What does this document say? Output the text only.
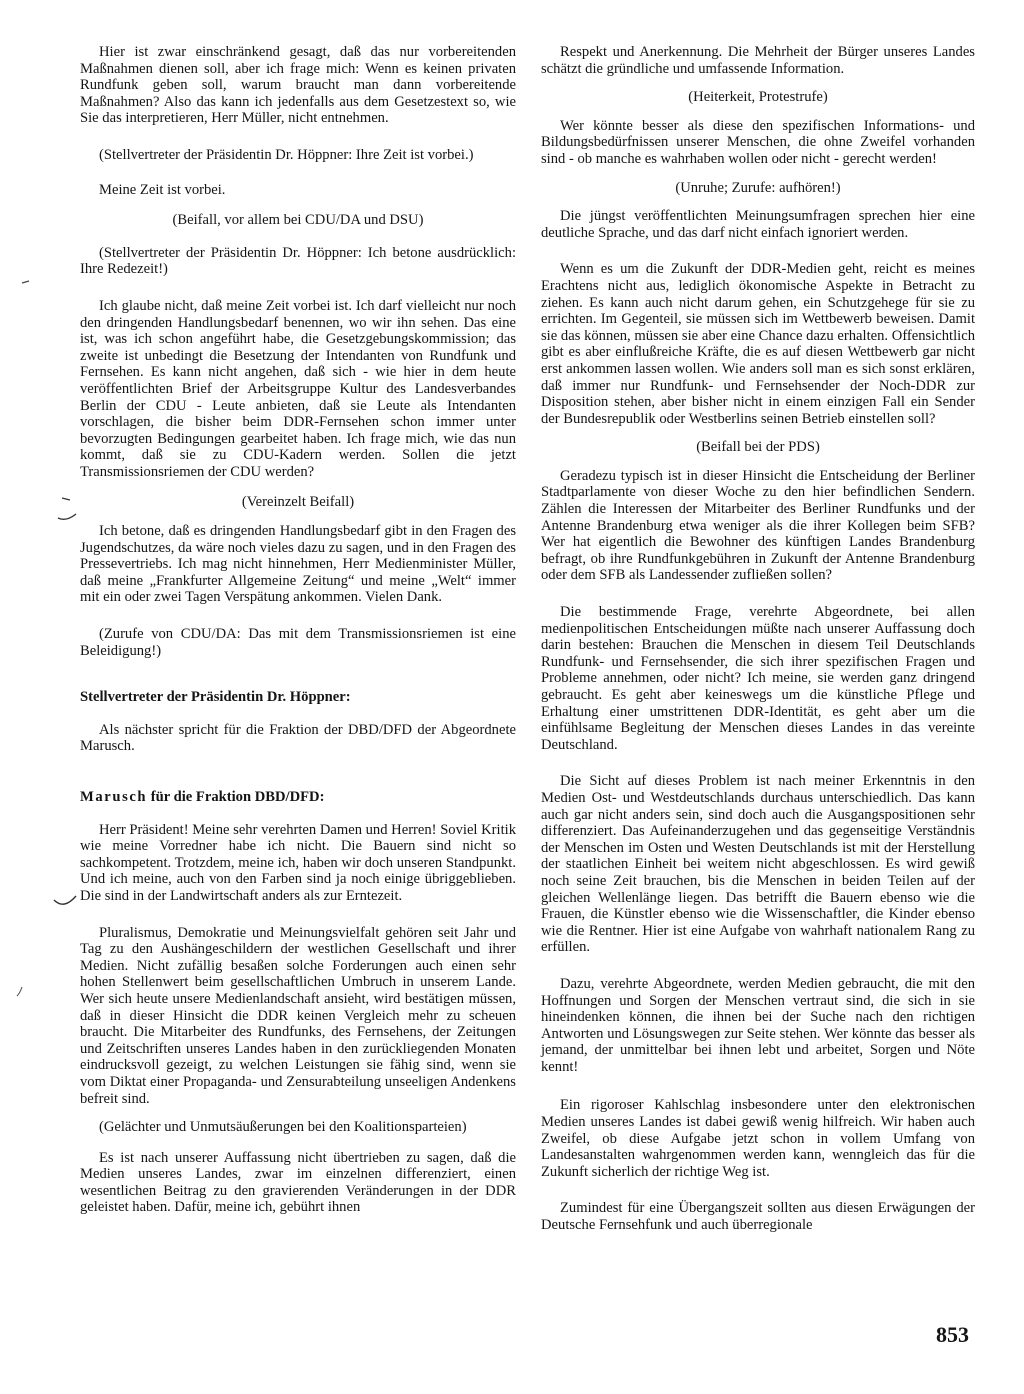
Hier ist zwar einschränkend gesagt, daß das nur vorbereitenden Maßnahmen dienen soll, aber ich frage mich: Wenn es keinen privaten Rundfunk geben soll, warum braucht man dann vorbereitende Maßnahmen? Also das kann ich jedenfalls aus dem Gesetzestext so, wie Sie das interpretieren, Herr Müller, nicht entnehmen.

(Stellvertreter der Präsidentin Dr. Höppner: Ihre Zeit ist vorbei.)

Meine Zeit ist vorbei.

(Beifall, vor allem bei CDU/DA und DSU)

(Stellvertreter der Präsidentin Dr. Höppner: Ich betone ausdrücklich: Ihre Redezeit!)

Ich glaube nicht, daß meine Zeit vorbei ist. Ich darf vielleicht nur noch den dringenden Handlungsbedarf benennen, wo wir ihn sehen. Das eine ist, was ich schon angeführt habe, die Gesetzgebungskommission; das zweite ist unbedingt die Besetzung der Intendanten von Rundfunk und Fernsehen. Es kann nicht angehen, daß sich - wie hier in dem heute veröffentlichten Brief der Arbeitsgruppe Kultur des Landesverbandes Berlin der CDU - Leute anbieten, daß sie Leute als Intendanten vorschlagen, die bisher beim DDR-Fernsehen schon immer unter bevorzugten Bedingungen gearbeitet haben. Ich frage mich, wie das nun kommt, daß sie zu CDU-Kadern werden. Sollen die jetzt Transmissionsriemen der CDU werden?

(Vereinzelt Beifall)

Ich betone, daß es dringenden Handlungsbedarf gibt in den Fragen des Jugendschutzes, da wäre noch vieles dazu zu sagen, und in den Fragen des Pressevertriebs. Ich mag nicht hinnehmen, Herr Medienminister Müller, daß meine „Frankfurter Allgemeine Zeitung“ und meine „Welt“ immer mit ein oder zwei Tagen Verspätung ankommen. Vielen Dank.

(Zurufe von CDU/DA: Das mit dem Transmissionsriemen ist eine Beleidigung!)

Stellvertreter der Präsidentin Dr. Höppner:

Als nächster spricht für die Fraktion der DBD/DFD der Abgeordnete Marusch.

Marusch für die Fraktion DBD/DFD:

Herr Präsident! Meine sehr verehrten Damen und Herren! Soviel Kritik wie meine Vorredner habe ich nicht. Die Bauern sind nicht so sachkompetent. Trotzdem, meine ich, haben wir doch unseren Standpunkt. Und ich meine, auch von den Farben sind ja noch einige übriggeblieben. Die sind in der Landwirtschaft anders als zur Erntezeit.

Pluralismus, Demokratie und Meinungsvielfalt gehören seit Jahr und Tag zu den Aushängeschildern der westlichen Gesellschaft und ihrer Medien. Nicht zufällig besaßen solche Forderungen auch einen sehr hohen Stellenwert beim gesellschaftlichen Umbruch in unserem Lande. Wer sich heute unsere Medienlandschaft ansieht, wird bestätigen müssen, daß in dieser Hinsicht die DDR keinen Vergleich mehr zu scheuen braucht. Die Mitarbeiter des Rundfunks, des Fernsehens, der Zeitungen und Zeitschriften unseres Landes haben in den zurückliegenden Monaten eindrucksvoll gezeigt, zu welchen Leistungen sie fähig sind, wenn sie vom Diktat einer Propaganda- und Zensurabteilung unseeligen Andenkens befreit sind.

(Gelächter und Unmutsäußerungen bei den Koalitionsparteien)

Es ist nach unserer Auffassung nicht übertrieben zu sagen, daß die Medien unseres Landes, zwar im einzelnen differenziert, einen wesentlichen Beitrag zu den gravierenden Veränderungen in der DDR geleistet haben. Dafür, meine ich, gebührt ihnen

Respekt und Anerkennung. Die Mehrheit der Bürger unseres Landes schätzt die gründliche und umfassende Information.

(Heiterkeit, Protestrufe)

Wer könnte besser als diese den spezifischen Informations- und Bildungsbedürfnissen unserer Menschen, die ohne Zweifel vorhanden sind - ob manche es wahrhaben wollen oder nicht - gerecht werden!

(Unruhe; Zurufe: aufhören!)

Die jüngst veröffentlichten Meinungsumfragen sprechen hier eine deutliche Sprache, und das darf nicht einfach ignoriert werden.

Wenn es um die Zukunft der DDR-Medien geht, reicht es meines Erachtens nicht aus, lediglich ökonomische Aspekte in Betracht zu ziehen. Es kann auch nicht darum gehen, ein Schutzgehege für sie zu errichten. Im Gegenteil, sie müssen sich im Wettbewerb beweisen. Damit sie das können, müssen sie aber eine Chance dazu erhalten. Offensichtlich gibt es aber einflußreiche Kräfte, die es auf diesen Wettbewerb gar nicht erst ankommen lassen wollen. Wie anders soll man es sich sonst erklären, daß immer nur Rundfunk- und Fernsehsender der Noch-DDR zur Disposition stehen, aber bisher nicht in einem einzigen Fall ein Sender der Bundesrepublik oder Westberlins seinen Betrieb einstellen soll?

(Beifall bei der PDS)

Geradezu typisch ist in dieser Hinsicht die Entscheidung der Berliner Stadtparlamente von dieser Woche zu den hier befindlichen Sendern. Zählen die Interessen der Mitarbeiter des Berliner Rundfunks und der Antenne Brandenburg etwa weniger als die ihrer Kollegen beim SFB? Wer hat eigentlich die Bewohner des künftigen Landes Brandenburg befragt, ob ihre Rundfunkgebühren in Zukunft der Antenne Brandenburg oder dem SFB als Landessender zufließen sollen?

Die bestimmende Frage, verehrte Abgeordnete, bei allen medienpolitischen Entscheidungen müßte nach unserer Auffassung doch darin bestehen: Brauchen die Menschen in diesem Teil Deutschlands Rundfunk- und Fernsehsender, die sich ihrer spezifischen Fragen und Probleme annehmen, oder nicht? Ich meine, sie werden ganz dringend gebraucht. Es geht aber keineswegs um die künstliche Pflege und Erhaltung einer umstrittenen DDR-Identität, es geht aber um die einfühlsame Begleitung der Menschen dieses Landes in das vereinte Deutschland.

Die Sicht auf dieses Problem ist nach meiner Erkenntnis in den Medien Ost- und Westdeutschlands durchaus unterschiedlich. Das kann auch gar nicht anders sein, sind doch auch die Ausgangspositionen sehr differenziert. Das Aufeinanderzugehen und das gegenseitige Verständnis der Menschen im Osten und Westen Deutschlands ist mit der Herstellung der staatlichen Einheit bei weitem nicht abgeschlossen. Es wird gewiß noch seine Zeit brauchen, bis die Menschen in beiden Teilen auf der gleichen Wellenlänge liegen. Das betrifft die Bauern ebenso wie die Frauen, die Künstler ebenso wie die Wissenschaftler, die Kinder ebenso wie die Rentner. Hier ist eine Aufgabe von wahrhaft nationalem Rang zu erfüllen.

Dazu, verehrte Abgeordnete, werden Medien gebraucht, die mit den Hoffnungen und Sorgen der Menschen vertraut sind, die sich in sie hineindenken können, die ihnen bei der Suche nach den richtigen Antworten und Lösungswegen zur Seite stehen. Wer könnte das besser als jemand, der unmittelbar bei ihnen lebt und arbeitet, Sorgen und Nöte kennt!

Ein rigoroser Kahlschlag insbesondere unter den elektronischen Medien unseres Landes ist dabei gewiß wenig hilfreich. Wir haben auch Zweifel, ob diese Aufgabe jetzt schon in vollem Umfang von Landesanstalten wahrgenommen werden kann, wenngleich das für die Zukunft sicherlich der richtige Weg ist.

Zumindest für eine Übergangszeit sollten aus diesen Erwägungen der Deutsche Fernsehfunk und auch überregionale

853
